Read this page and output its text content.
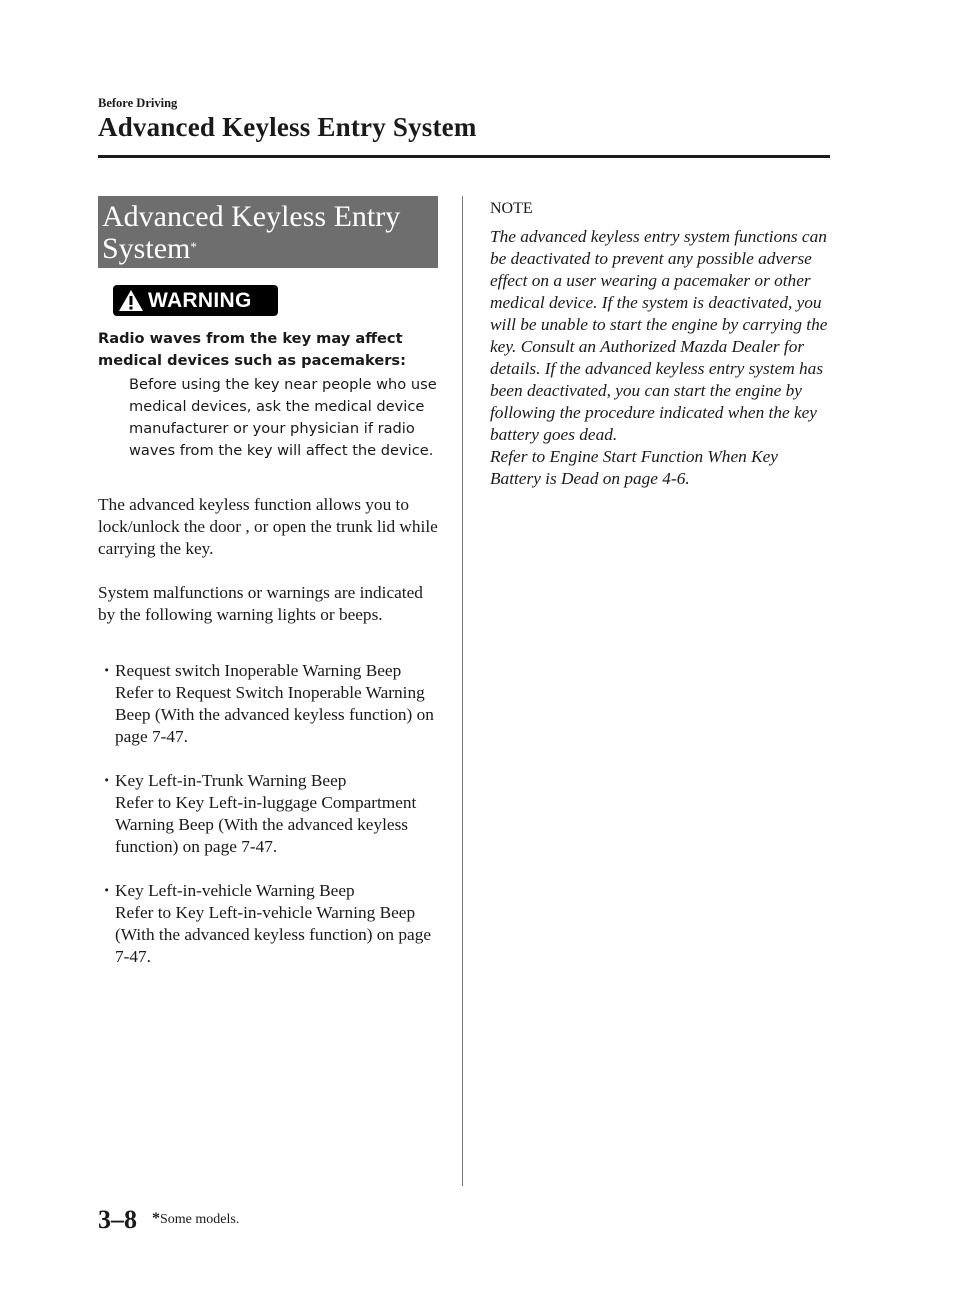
Before Driving
Advanced Keyless Entry System
Advanced Keyless Entry
System*
WARNING
Radio waves from the key may affect medical devices such as pacemakers:
Before using the key near people who use medical devices, ask the medical device manufacturer or your physician if radio waves from the key will affect the device.
The advanced keyless function allows you to lock/unlock the door , or open the trunk lid while carrying the key.
System malfunctions or warnings are indicated by the following warning lights or beeps.
ꞏ Request switch Inoperable Warning Beep
Refer to Request Switch Inoperable Warning Beep (With the advanced keyless function) on page 7-47.
ꞏ Key Left-in-Trunk Warning Beep
Refer to Key Left-in-luggage Compartment Warning Beep (With the advanced keyless function) on page 7-47.
ꞏ Key Left-in-vehicle Warning Beep
Refer to Key Left-in-vehicle Warning Beep (With the advanced keyless function) on page 7-47.
NOTE
The advanced keyless entry system functions can be deactivated to prevent any possible adverse effect on a user wearing a pacemaker or other medical device. If the system is deactivated, you will be unable to start the engine by carrying the key. Consult an Authorized Mazda Dealer for details. If the advanced keyless entry system has been deactivated, you can start the engine by following the procedure indicated when the key battery goes dead.
Refer to Engine Start Function When Key Battery is Dead on page 4-6.
3–8 *Some models.
